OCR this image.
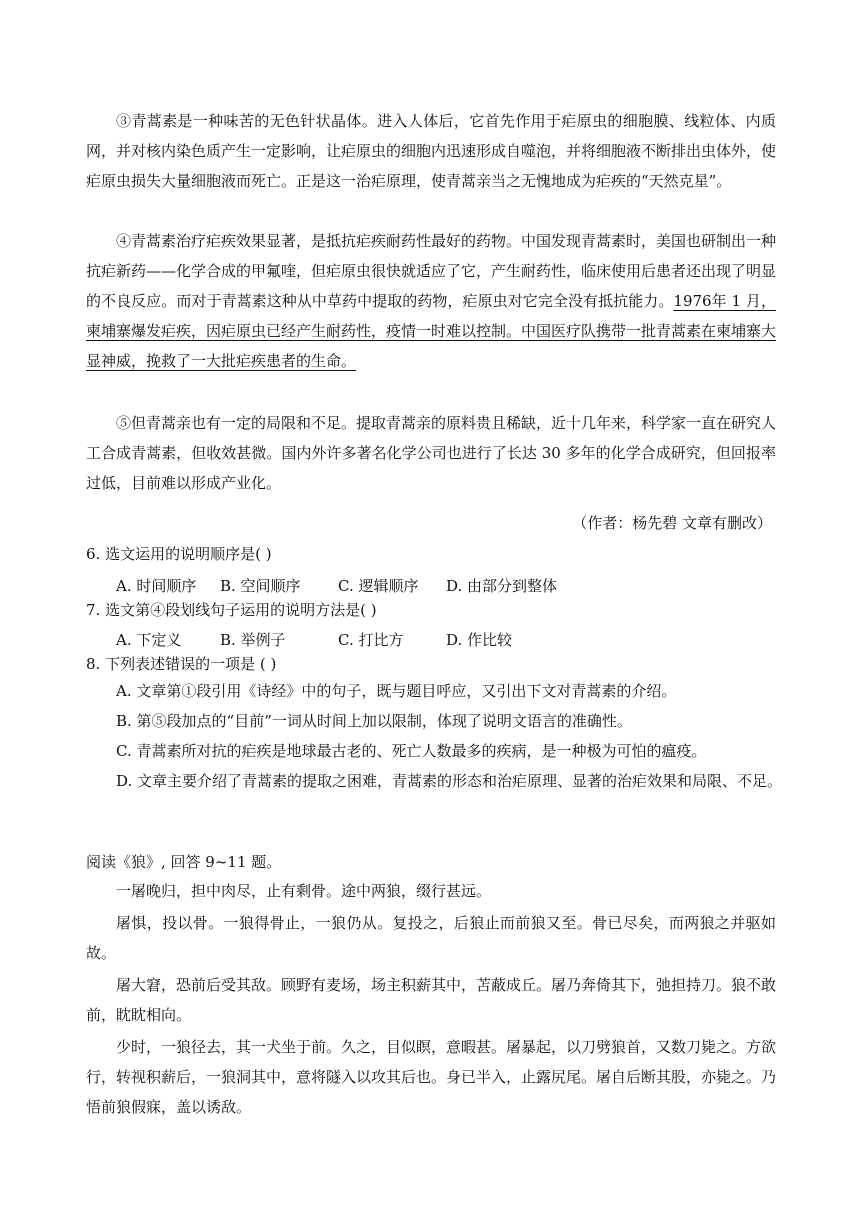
③青蒿素是一种味苦的无色针状晶体。进入人体后，它首先作用于疟原虫的细胞膜、线粒体、内质网，并对核内染色质产生一定影响，让疟原虫的细胞内迅速形成自噬泡，并将细胞液不断排出虫体外，使疟原虫损失大量细胞液而死亡。正是这一治疟原理，使青蒿亲当之无愧地成为疟疾的“天然克星”。

④青蒿素治疗疟疾效果显著，是抵抗疟疾耐药性最好的药物。中国发现青蒿素时，美国也研制出一种抗疟新药——化学合成的甲氟喹，但疟原虫很快就适应了它，产生耐药性，临床使用后患者还出现了明显的不良反应。而对于青蒿素这种从中草药中提取的药物，疟原虫对它完全没有抵抗能力。1976年 1 月，柬埔寨爆发疟疾，因疟原虫已经产生耐药性，疫情一时难以控制。中国医疗队携带一批青蒿素在柬埔寨大显神威，挽救了一大批疟疾患者的生命。

⑤但青蒿亲也有一定的局限和不足。提取青蒿亲的原料贵且稀缺，近十几年来，科学家一直在研究人工合成青蒿素，但收效甚微。国内外许多著名化学公司也进行了长达 30 多年的化学合成研究，但回报率过低，目前难以形成产业化。

（作者：杨先碧 文章有删改）
6. 选文运用的说明顺序是( )
A. 时间顺序 B. 空间顺序 C. 逻辑顺序 D. 由部分到整体
7. 选文第④段划线句子运用的说明方法是( )
A. 下定义	B. 举例子	C. 打比方	D. 作比较
8. 下列表述错误的一项是 ( )

A. 文章第①段引用《诗经》中的句子，既与题目呼应，又引出下文对青蒿素的介绍。

B. 第⑤段加点的“目前”一词从时间上加以限制，体现了说明文语言的准确性。

C. 青蒿素所对抗的疟疾是地球最古老的、死亡人数最多的疾病，是一种极为可怕的瘟疫。

D. 文章主要介绍了青蒿素的提取之困难，青蒿素的形态和治疟原理、显著的治疟效果和局限、不足。

阅读《狼》, 回答 9~11 题。

一屠晚归，担中肉尽，止有剩骨。途中两狼，缀行甚远。

屠惧，投以骨。一狼得骨止，一狼仍从。复投之，后狼止而前狼又至。骨已尽矣，而两狼之并驱如故。

屠大窘，恐前后受其敌。顾野有麦场，场主积薪其中，苫蔽成丘。屠乃奔倚其下，弛担持刀。狼不敢前，眈眈相向。

少时，一狼径去，其一犬坐于前。久之，目似瞑，意暇甚。屠暴起，以刀劈狼首，又数刀毙之。方欲行，转视积薪后，一狼洞其中，意将隧入以攻其后也。身已半入，止露尻尾。屠自后断其股，亦毙之。乃悟前狼假寐，盖以诱敌。
